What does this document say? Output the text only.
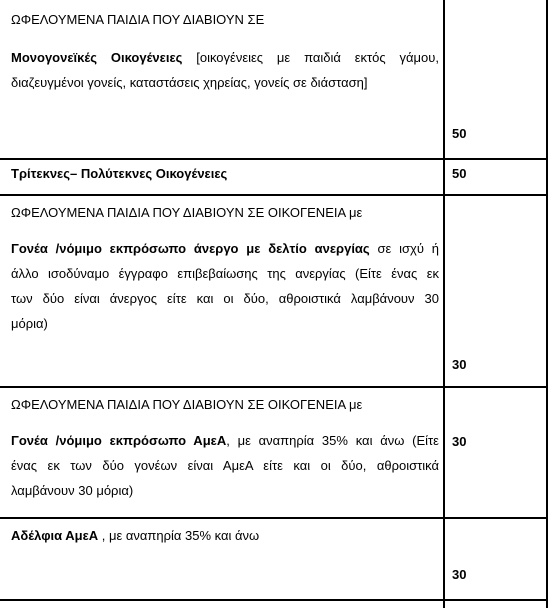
ΩΦΕΛΟΥΜΕΝΑ ΠΑΙΔΙΑ ΠΟΥ ΔΙΑΒΙΟΥΝ ΣΕ
Μονογονεϊκές Οικογένειες [οικογένειες με παιδιά εκτός γάμου,
διαζευγμένοι γονείς, καταστάσεις χηρείας, γονείς σε διάσταση]
50
Τρίτεκνες– Πολύτεκνες Οικογένειες	50
ΩΦΕΛΟΥΜΕΝΑ ΠΑΙΔΙΑ ΠΟΥ ΔΙΑΒΙΟΥΝ ΣΕ ΟΙΚΟΓΕΝΕΙΑ με
Γονέα /νόμιμο εκπρόσωπο άνεργο με δελτίο ανεργίας σε ισχύ ή
άλλο ισοδύναμο έγγραφο επιβεβαίωσης της ανεργίας (Είτε ένας εκ
των δύο είναι άνεργος είτε και οι δύο, αθροιστικά λαμβάνουν 30
μόρια)
30
ΩΦΕΛΟΥΜΕΝΑ ΠΑΙΔΙΑ ΠΟΥ ΔΙΑΒΙΟΥΝ ΣΕ ΟΙΚΟΓΕΝΕΙΑ με
Γονέα /νόμιμο εκπρόσωπο ΑμεΑ, με αναπηρία 35% και άνω (Είτε
ένας εκ των δύο γονέων είναι ΑμεΑ είτε και οι δύο, αθροιστικά
λαμβάνουν 30 μόρια)
30
Αδέλφια ΑμεΑ , με αναπηρία 35% και άνω
30
